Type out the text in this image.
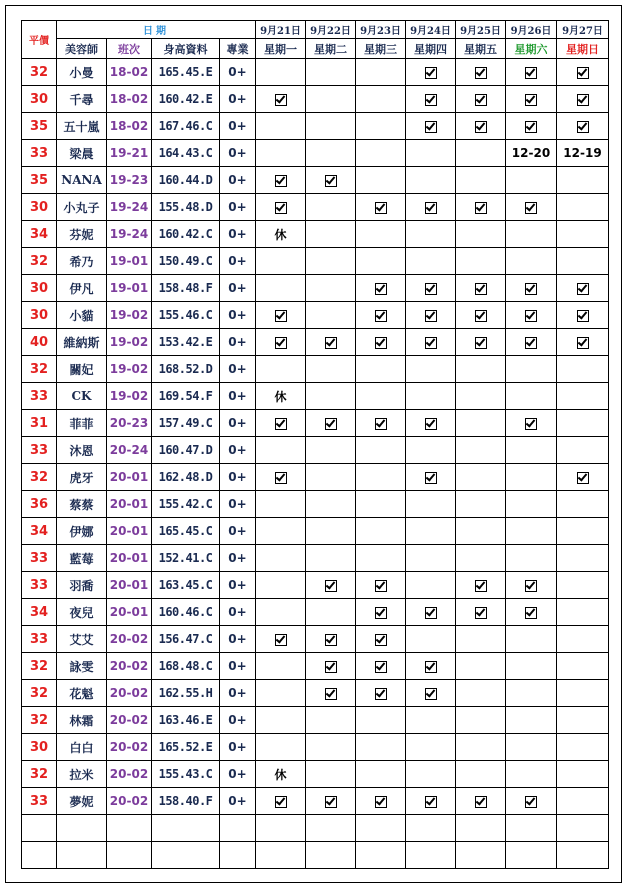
平價	日期				9月21日	9月22日	9月23日	9月24日	9月25日	9月26日	9月27日
	美容師	班次	身高資料	專業	星期一	星期二	星期三	星期四	星期五	星期六	星期日
32	小曼	18-02	165.45.E	0+							
30	千尋	18-02	160.42.E	0+							
35	五十嵐	18-02	167.46.C	0+							
33	梁晨	19-21	164.43.C	0+						12-20	12-19
35	NANA	19-23	160.44.D	0+							
30	小丸子	19-24	155.48.D	0+							
34	芬妮	19-24	160.42.C	0+	休						
32	希乃	19-01	150.49.C	0+							
30	伊凡	19-01	158.48.F	0+							
30	小貓	19-02	155.46.C	0+							
40	維納斯	19-02	153.42.E	0+							
32	關妃	19-02	168.52.D	0+							
33	CK	19-02	169.54.F	0+	休						
31	菲菲	20-23	157.49.C	0+							
33	沐恩	20-24	160.47.D	0+							
32	虎牙	20-01	162.48.D	0+							
36	蔡蔡	20-01	155.42.C	0+							
34	伊娜	20-01	165.45.C	0+							
33	藍莓	20-01	152.41.C	0+							
33	羽喬	20-01	163.45.C	0+							
34	夜兒	20-01	160.46.C	0+							
33	艾艾	20-02	156.47.C	0+							
32	詠雯	20-02	168.48.C	0+							
32	花魁	20-02	162.55.H	0+							
32	林霜	20-02	163.46.E	0+							
30	白白	20-02	165.52.E	0+							
32	拉米	20-02	155.43.C	0+	休						
33	夢妮	20-02	158.40.F	0+							
